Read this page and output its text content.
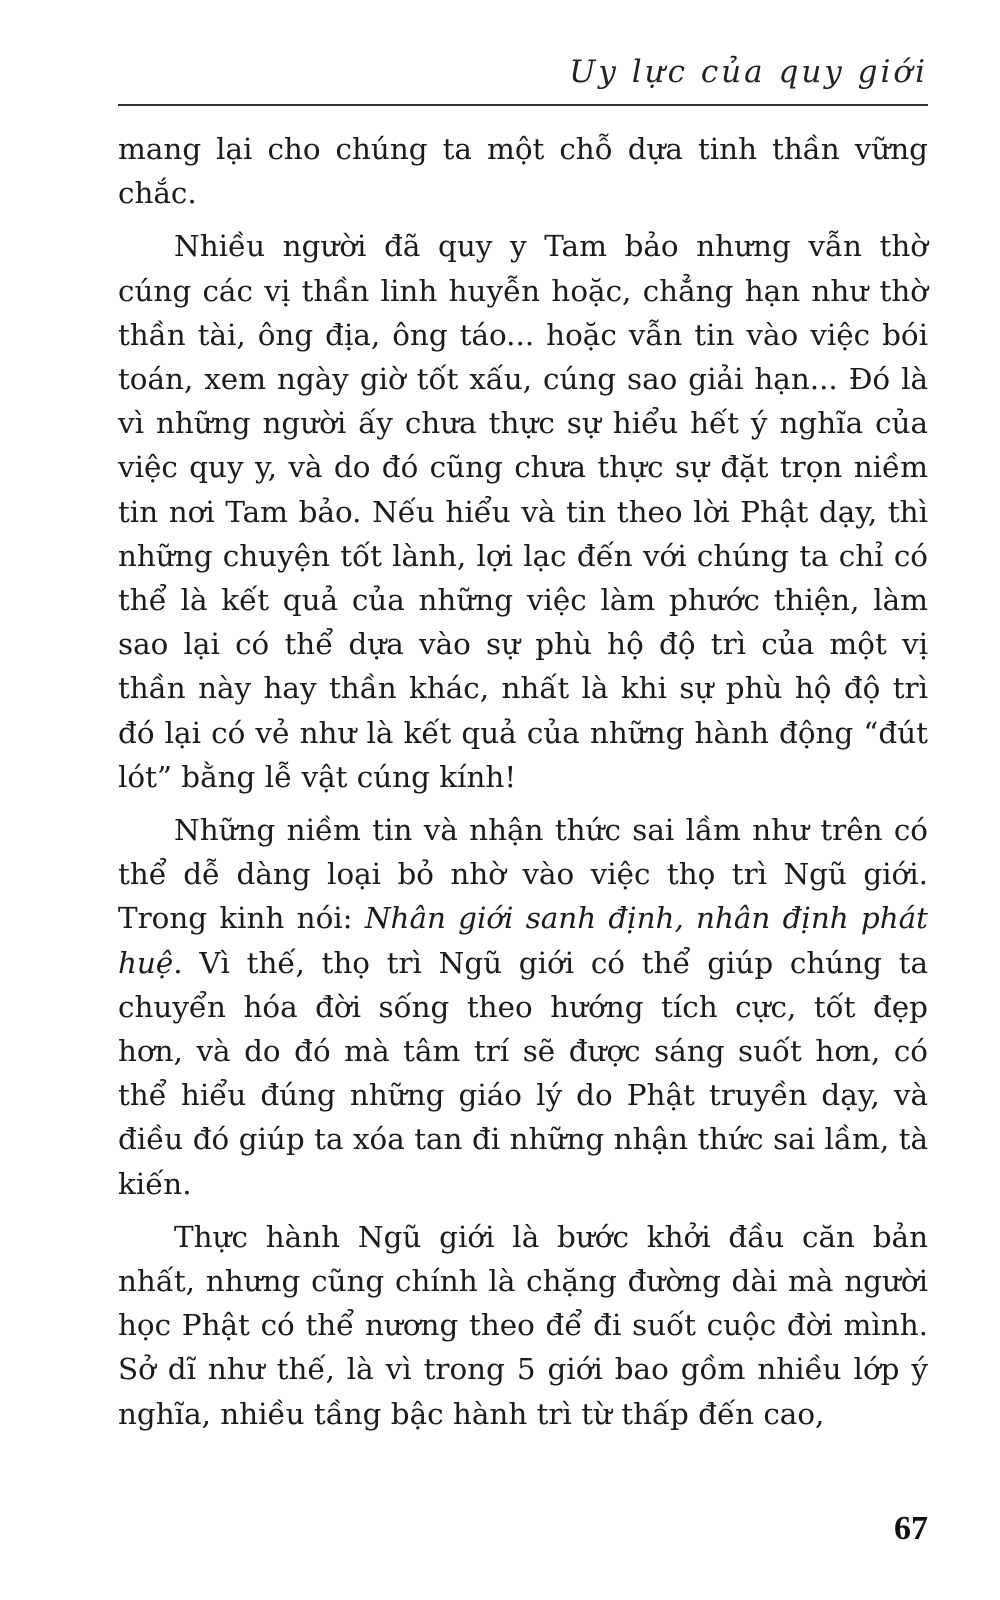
Uy lực của quy giới

mang lại cho chúng ta một chỗ dựa tinh thần vững chắc.

Nhiều người đã quy y Tam bảo nhưng vẫn thờ cúng các vị thần linh huyễn hoặc, chẳng hạn như thờ thần tài, ông địa, ông táo... hoặc vẫn tin vào việc bói toán, xem ngày giờ tốt xấu, cúng sao giải hạn... Đó là vì những người ấy chưa thực sự hiểu hết ý nghĩa của việc quy y, và do đó cũng chưa thực sự đặt trọn niềm tin nơi Tam bảo. Nếu hiểu và tin theo lời Phật dạy, thì những chuyện tốt lành, lợi lạc đến với chúng ta chỉ có thể là kết quả của những việc làm phước thiện, làm sao lại có thể dựa vào sự phù hộ độ trì của một vị thần này hay thần khác, nhất là khi sự phù hộ độ trì đó lại có vẻ như là kết quả của những hành động “đút lót” bằng lễ vật cúng kính!

Những niềm tin và nhận thức sai lầm như trên có thể dễ dàng loại bỏ nhờ vào việc thọ trì Ngũ giới. Trong kinh nói: Nhân giới sanh định, nhân định phát huệ. Vì thế, thọ trì Ngũ giới có thể giúp chúng ta chuyển hóa đời sống theo hướng tích cực, tốt đẹp hơn, và do đó mà tâm trí sẽ được sáng suốt hơn, có thể hiểu đúng những giáo lý do Phật truyền dạy, và điều đó giúp ta xóa tan đi những nhận thức sai lầm, tà kiến.

Thực hành Ngũ giới là bước khởi đầu căn bản nhất, nhưng cũng chính là chặng đường dài mà người học Phật có thể nương theo để đi suốt cuộc đời mình. Sở dĩ như thế, là vì trong 5 giới bao gồm nhiều lớp ý nghĩa, nhiều tầng bậc hành trì từ thấp đến cao,

67
